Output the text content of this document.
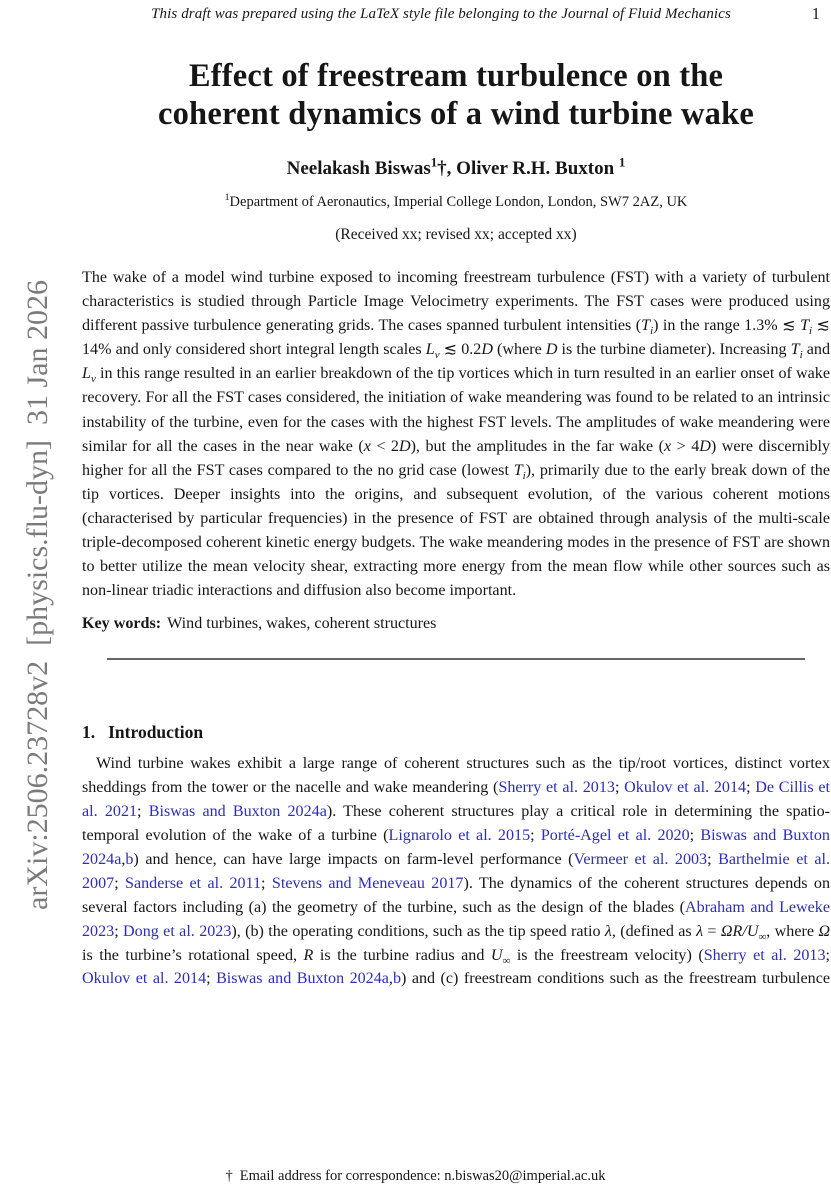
arXiv:2506.23728v2  [physics.flu-dyn]  31 Jan 2026
This draft was prepared using the LaTeX style file belonging to the Journal of Fluid Mechanics	1
Effect of freestream turbulence on the
coherent dynamics of a wind turbine wake
Neelakash Biswas$^1$†, Oliver R.H. Buxton $^1$
$^1$Department of Aeronautics, Imperial College London, London, SW7 2AZ, UK
(Received xx; revised xx; accepted xx)
The wake of a model wind turbine exposed to incoming freestream turbulence (FST) with a variety of turbulent characteristics is studied through Particle Image Velocimetry experiments. The FST cases were produced using different passive turbulence generating grids. The cases spanned turbulent intensities $(T_i)$ in the range 1.3% ≲ $T_i$ ≲ 14% and only considered short integral length scales $L_v$ ≲ 0.2D (where D is the turbine diameter). Increasing $T_i$ and $L_v$ in this range resulted in an earlier breakdown of the tip vortices which in turn resulted in an earlier onset of wake recovery. For all the FST cases considered, the initiation of wake meandering was found to be related to an intrinsic instability of the turbine, even for the cases with the highest FST levels. The amplitudes of wake meandering were similar for all the cases in the near wake (x < 2D), but the amplitudes in the far wake (x > 4D) were discernibly higher for all the FST cases compared to the no grid case (lowest $T_i$), primarily due to the early break down of the tip vortices. Deeper insights into the origins, and subsequent evolution, of the various coherent motions (characterised by particular frequencies) in the presence of FST are obtained through analysis of the multi-scale triple-decomposed coherent kinetic energy budgets. The wake meandering modes in the presence of FST are shown to better utilize the mean velocity shear, extracting more energy from the mean flow while other sources such as non-linear triadic interactions and diffusion also become important.
Key words: Wind turbines, wakes, coherent structures
1. Introduction
Wind turbine wakes exhibit a large range of coherent structures such as the tip/root vortices, distinct vortex sheddings from the tower or the nacelle and wake meandering (Sherry et al. 2013; Okulov et al. 2014; De Cillis et al. 2021; Biswas and Buxton 2024a). These coherent structures play a critical role in determining the spatio-temporal evolution of the wake of a turbine (Lignarolo et al. 2015; Porté-Agel et al. 2020; Biswas and Buxton 2024a,b) and hence, can have large impacts on farm-level performance (Vermeer et al. 2003; Barthelmie et al. 2007; Sanderse et al. 2011; Stevens and Meneveau 2017). The dynamics of the coherent structures depends on several factors including (a) the geometry of the turbine, such as the design of the blades (Abraham and Leweke 2023; Dong et al. 2023), (b) the operating conditions, such as the tip speed ratio λ, (defined as $\lambda = \Omega R/U_\infty$, where Ω is the turbine’s rotational speed, R is the turbine radius and $U_\infty$ is the freestream velocity) (Sherry et al. 2013; Okulov et al. 2014; Biswas and Buxton 2024a,b) and (c) freestream conditions such as the freestream turbulence
† Email address for correspondence: n.biswas20@imperial.ac.uk
